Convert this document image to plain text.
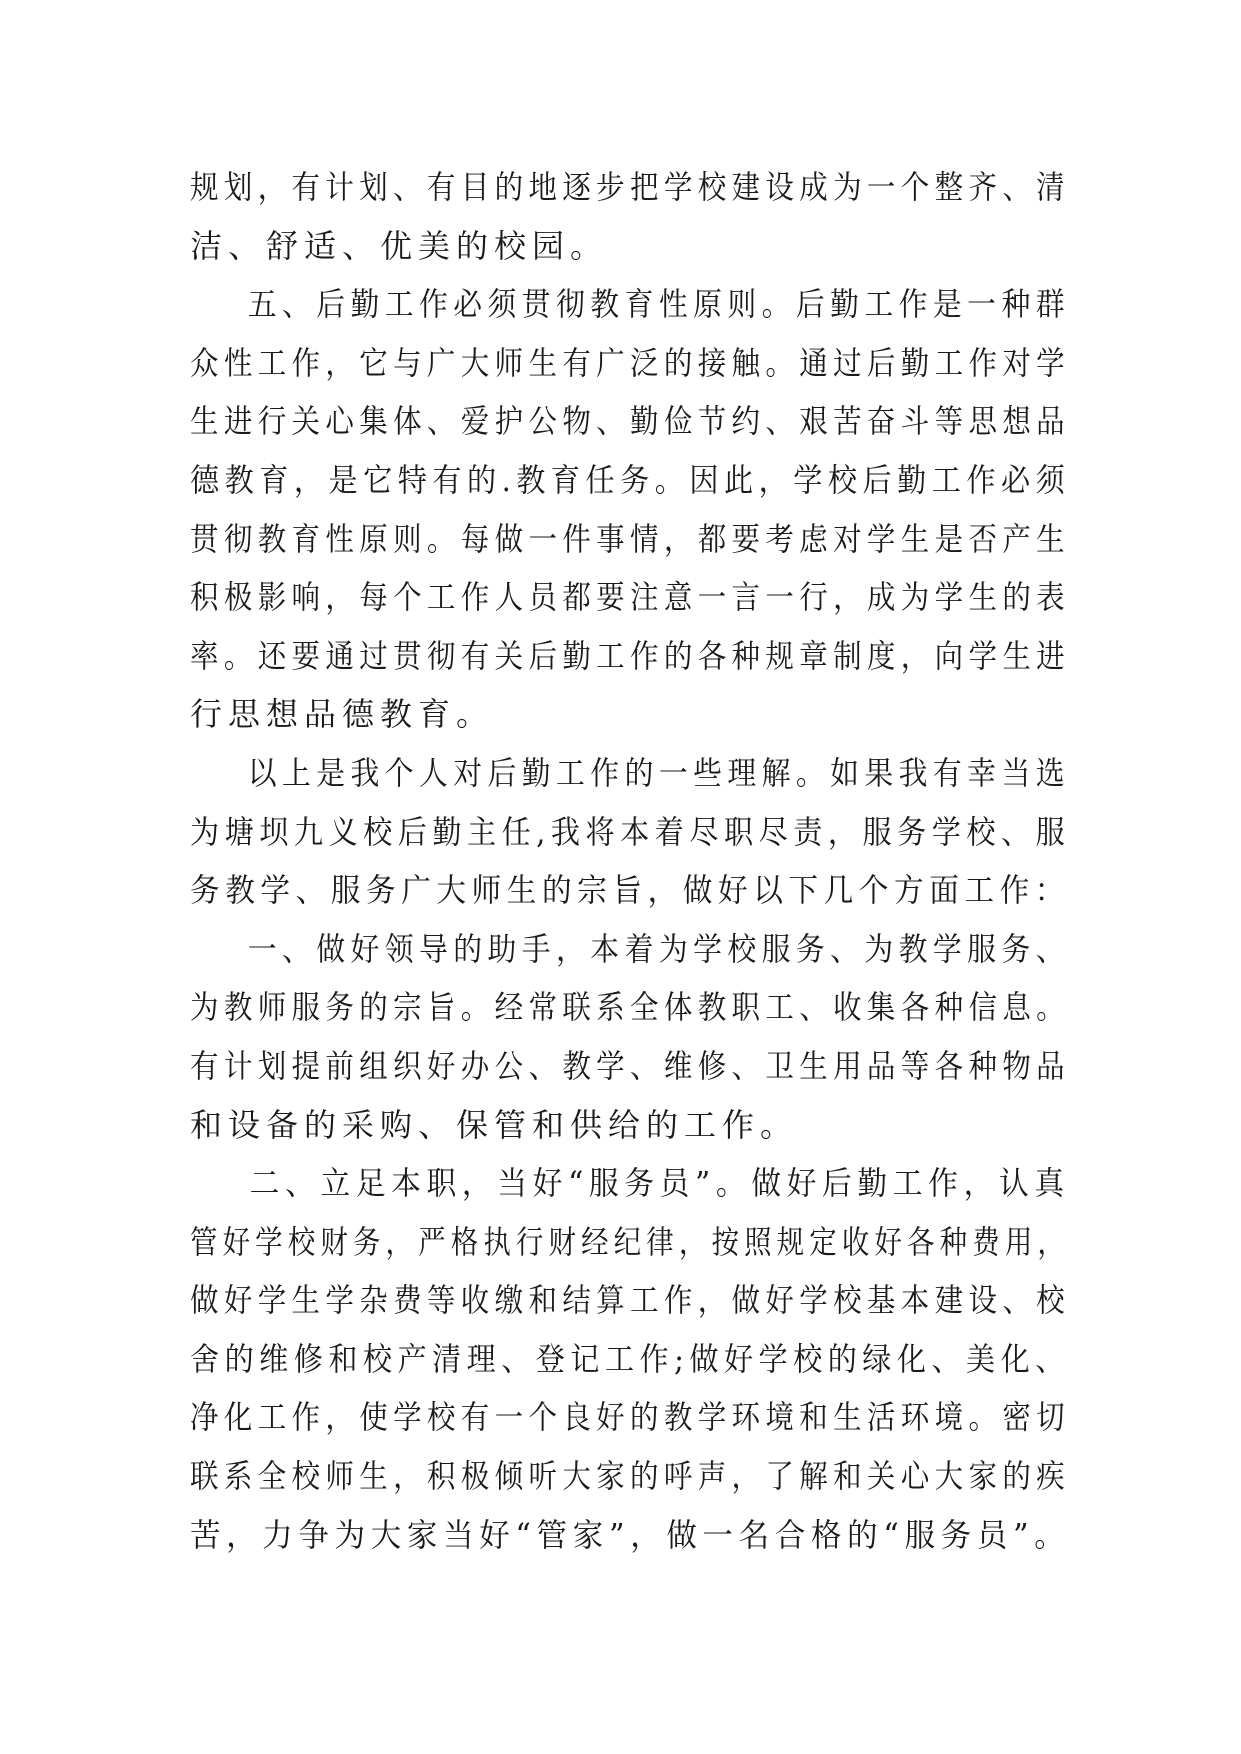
规划，有计划、有目的地逐步把学校建设成为一个整齐、清
洁、舒适、优美的校园。
五、后勤工作必须贯彻教育性原则。后勤工作是一种群
众性工作，它与广大师生有广泛的接触。通过后勤工作对学
生进行关心集体、爱护公物、勤俭节约、艰苦奋斗等思想品
德教育，是它特有的.教育任务。因此，学校后勤工作必须
贯彻教育性原则。每做一件事情，都要考虑对学生是否产生
积极影响，每个工作人员都要注意一言一行，成为学生的表
率。还要通过贯彻有关后勤工作的各种规章制度，向学生进
行思想品德教育。
以上是我个人对后勤工作的一些理解。如果我有幸当选
为塘坝九义校后勤主任,我将本着尽职尽责，服务学校、服
务教学、服务广大师生的宗旨，做好以下几个方面工作：
一、做好领导的助手，本着为学校服务、为教学服务、
为教师服务的宗旨。经常联系全体教职工、收集各种信息。
有计划提前组织好办公、教学、维修、卫生用品等各种物品
和设备的采购、保管和供给的工作。
二、立足本职，当好“服务员”。做好后勤工作，认真
管好学校财务，严格执行财经纪律，按照规定收好各种费用，
做好学生学杂费等收缴和结算工作，做好学校基本建设、校
舍的维修和校产清理、登记工作;做好学校的绿化、美化、
净化工作，使学校有一个良好的教学环境和生活环境。密切
联系全校师生，积极倾听大家的呼声，了解和关心大家的疾
苦，力争为大家当好“管家”，做一名合格的“服务员”。
